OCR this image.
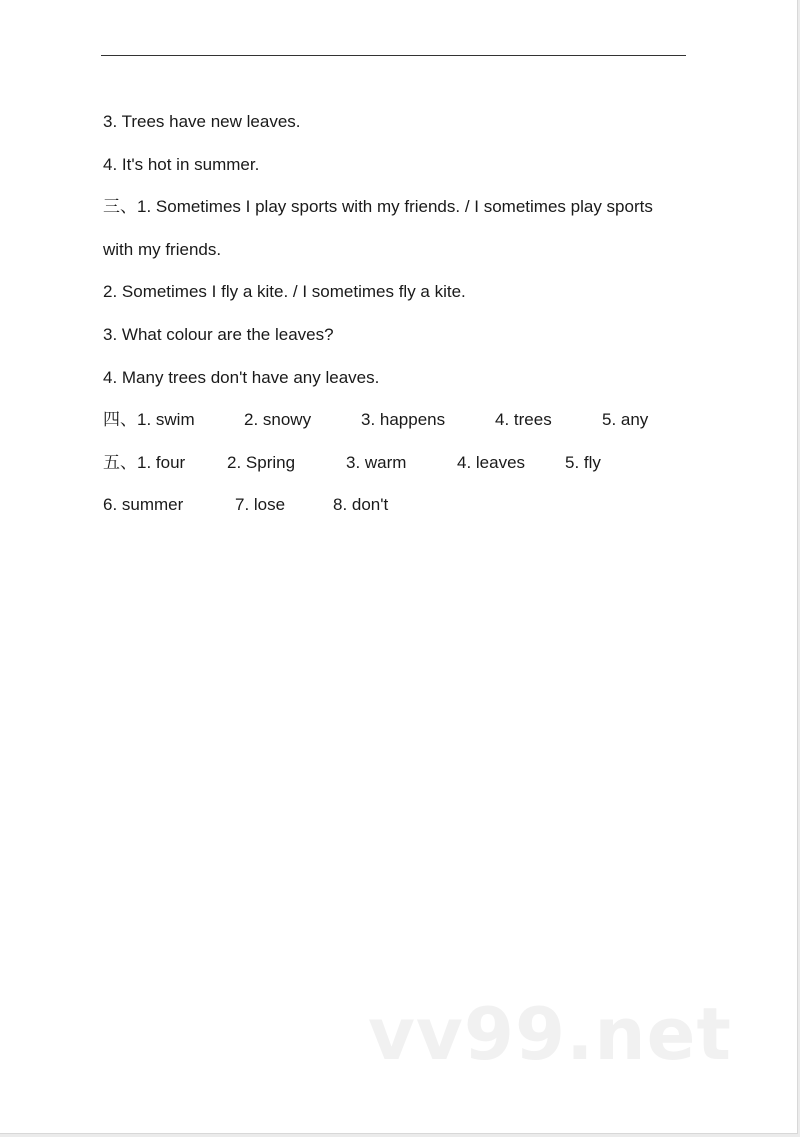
3. Trees have new leaves.
4. It's hot in summer.
三、1. Sometimes I play sports with my friends. / I sometimes play sports
with my friends.
2. Sometimes I fly a kite. / I sometimes fly a kite.
3. What colour are the leaves?
4. Many trees don't have any leaves.
四、1. swim	2. snowy	3. happens	4. trees	5. any
五、1. four 2. Spring	3. warm	4. leaves 5. fly
6. summer	7. lose	8. don't
vv99.net
